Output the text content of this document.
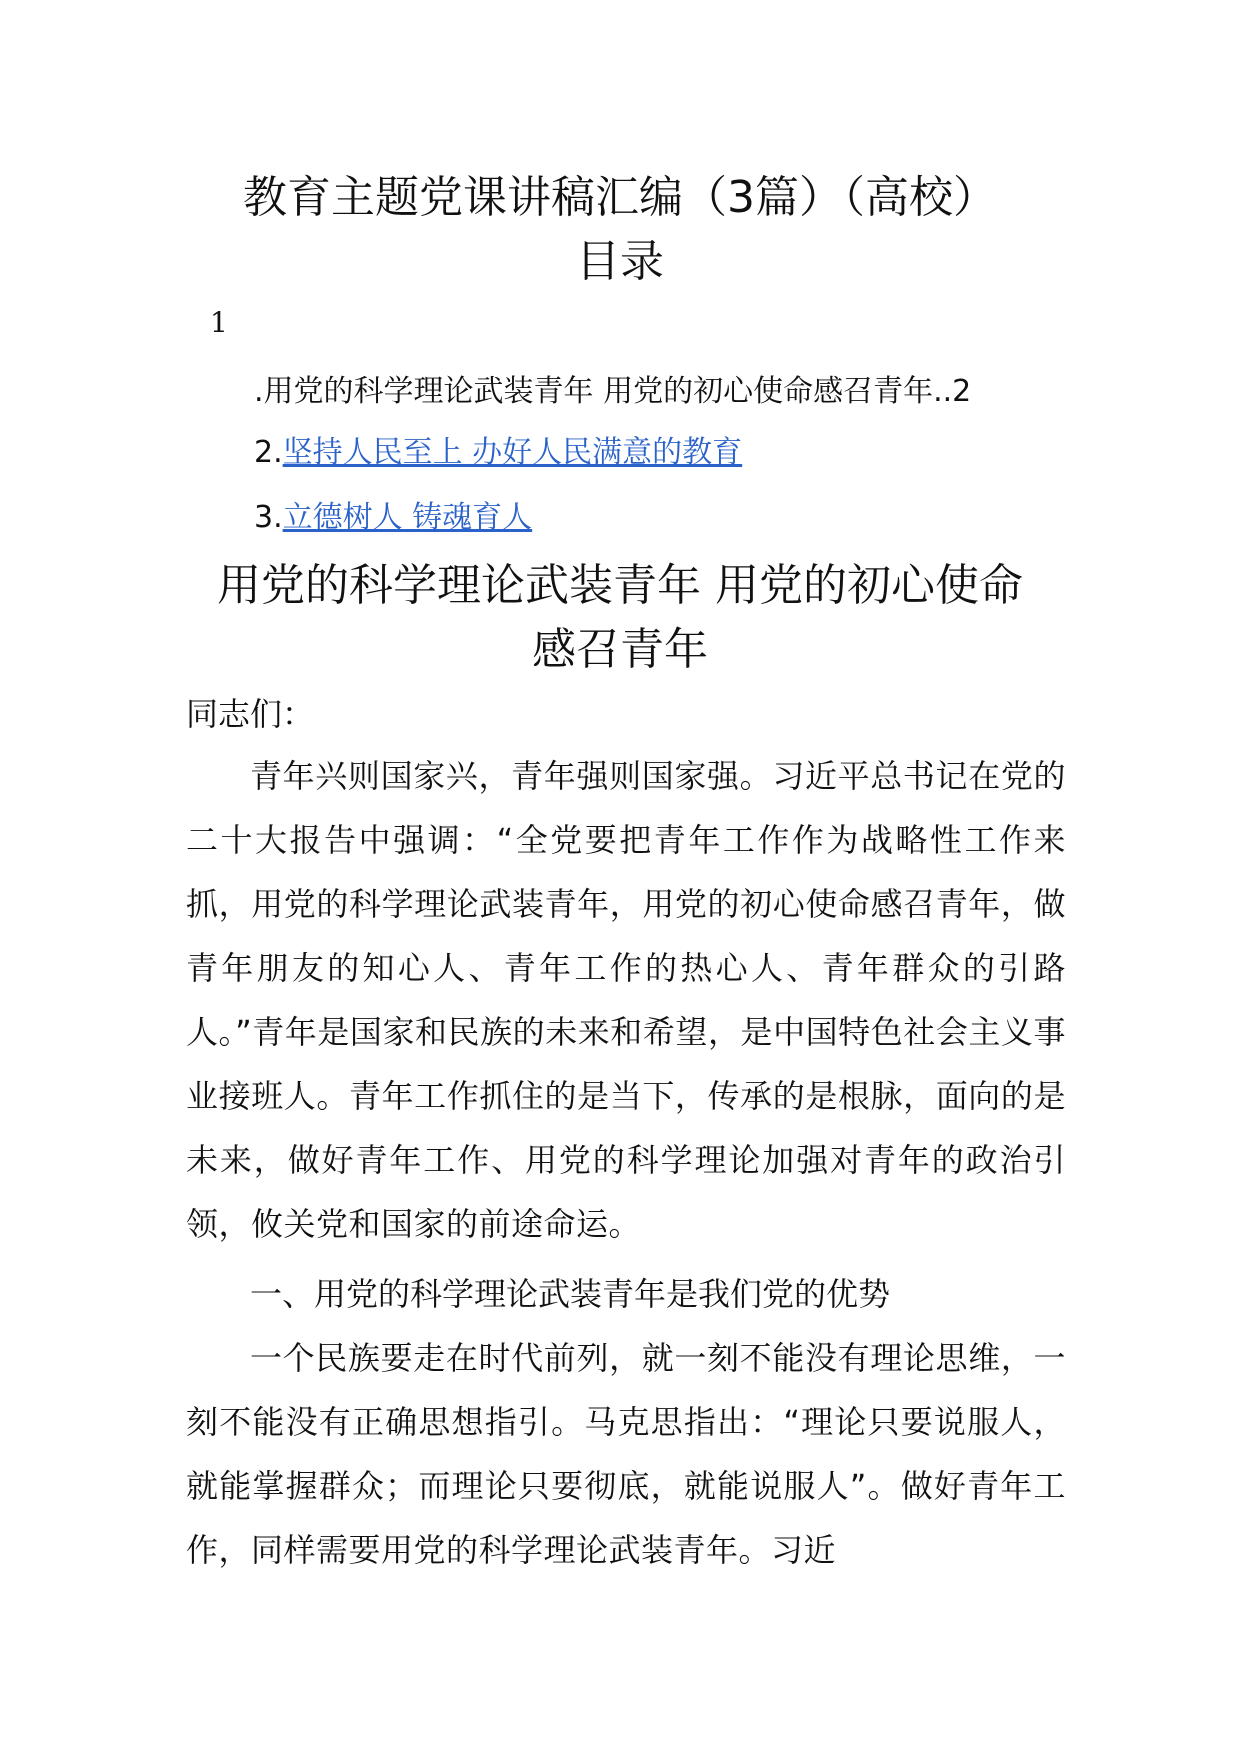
教育主题党课讲稿汇编（3篇）（高校）
目录
1
.用党的科学理论武装青年 用党的初心使命感召青年..2
2.坚持人民至上 办好人民满意的教育
3.立德树人 铸魂育人
用党的科学理论武装青年 用党的初心使命
感召青年

同志们：

青年兴则国家兴，青年强则国家强。习近平总书记在党的二十大报告中强调：“全党要把青年工作作为战略性工作来抓，用党的科学理论武装青年，用党的初心使命感召青年，做青年朋友的知心人、青年工作的热心人、青年群众的引路人。”青年是国家和民族的未来和希望，是中国特色社会主义事业接班人。青年工作抓住的是当下，传承的是根脉，面向的是未来，做好青年工作、用党的科学理论加强对青年的政治引领，攸关党和国家的前途命运。

一、用党的科学理论武装青年是我们党的优势

一个民族要走在时代前列，就一刻不能没有理论思维，一刻不能没有正确思想指引。马克思指出：“理论只要说服人，就能掌握群众；而理论只要彻底，就能说服人”。做好青年工作，同样需要用党的科学理论武装青年。习近
